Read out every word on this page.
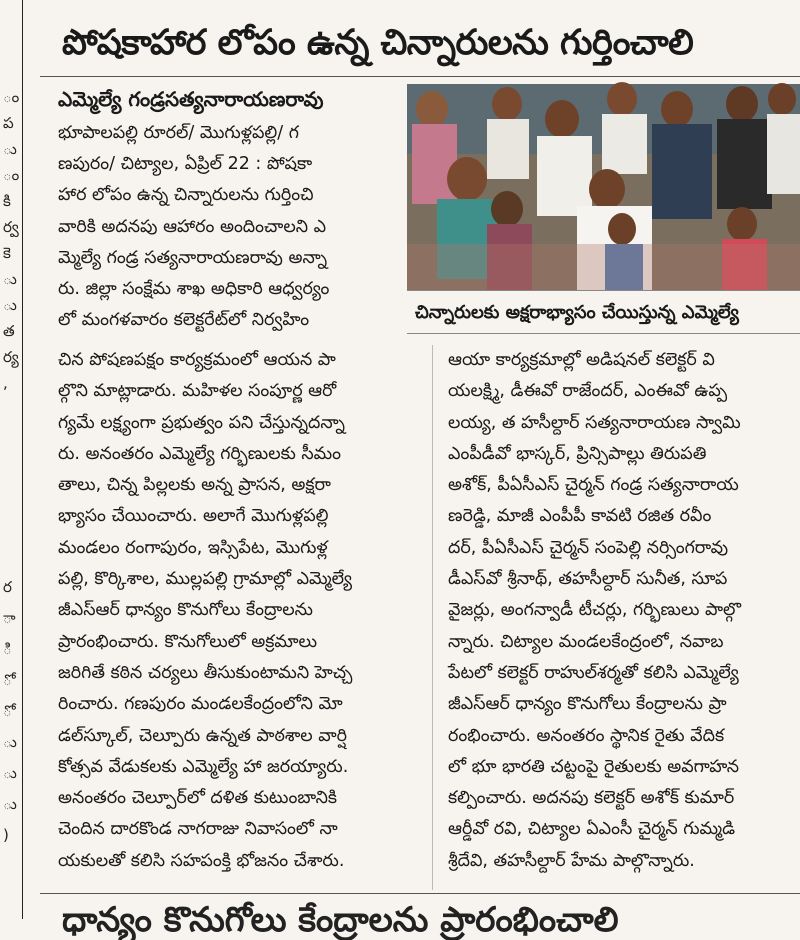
ం
ప
ు
ం
కి
ర్వ
కె
ు
ు
త
ర్య
,
ర
ా
ి
ో
ో
ు
ు
ు
)
పోషకాహార లోపం ఉన్న చిన్నారులను గుర్తించాలి
ఎమ్మెల్యే గండ్రసత్యనారాయణరావు
చిన్నారులకు అక్షరాభ్యాసం చేయిస్తున్న ఎమ్మెల్యే
భూపాలపల్లి రూరల్/ మొగుళ్లపల్లి/ గ
ణపురం/ చిట్యాల, ఏప్రిల్ 22 : పోషకా
హార లోపం ఉన్న చిన్నారులను గుర్తించి
వారికి అదనపు ఆహారం అందించాలని ఎ
మ్మెల్యే గండ్ర సత్యనారాయణరావు అన్నా
రు. జిల్లా సంక్షేమ శాఖ అధికారి ఆధ్వర్యం
లో మంగళవారం కలెక్టరేట్‌లో నిర్వహిం
చిన పోషణపక్షం కార్యక్రమంలో ఆయన పా
ల్గొని మాట్లాడారు. మహిళల సంపూర్ణ ఆరో
గ్యమే లక్ష్యంగా ప్రభుత్వం పని చేస్తున్నదన్నా
రు. అనంతరం ఎమ్మెల్యే గర్భిణులకు సీమం
తాలు, చిన్న పిల్లలకు అన్న ప్రాసన, అక్షరా
భ్యాసం చేయించారు. అలాగే మొగుళ్లపల్లి
మండలం రంగాపురం, ఇస్సిపేట, మొగుళ్ల
పల్లి, కొర్కిశాల, ముల్లపల్లి గ్రామాల్లో ఎమ్మెల్యే
జీఎస్‌ఆర్ ధాన్యం కొనుగోలు కేంద్రాలను
ప్రారంభించారు. కొనుగోలులో అక్రమాలు
జరిగితే కఠిన చర్యలు తీసుకుంటామని హెచ్చ
రించారు. గణపురం మండలకేంద్రంలోని మో
డల్‌స్కూల్, చెల్పూరు ఉన్నత పాఠశాల వార్షి
కోత్సవ వేడుకలకు ఎమ్మెల్యే హా జరయ్యారు.
అనంతరం చెల్పూర్‌లో దళిత కుటుంబానికి
చెందిన దారకొండ నాగరాజు నివాసంలో నా
యకులతో కలిసి సహపంక్తి భోజనం చేశారు.
ఆయా కార్యక్రమాల్లో అడిషనల్ కలెక్టర్ వి
యలక్ష్మి, డీఈవో రాజేందర్, ఎంఈవో ఉప్ప
లయ్య, త హసీల్దార్ సత్యనారాయణ స్వామి
ఎంపీడీవో భాస్కర్, ప్రిన్సిపాల్లు తిరుపతి
అశోక్, పీఏసీఎస్ చైర్మన్ గండ్ర సత్యనారాయ
ణరెడ్డి, మాజీ ఎంపీపీ కావటి రజిత రవీం
దర్, పీఏసీఎస్ చైర్మన్ సంపెల్లి నర్సింగరావు
డీఎస్‌వో శ్రీనాథ్, తహసీల్దార్ సునీత, సూప
వైజర్లు, అంగన్వాడీ టీచర్లు, గర్భిణులు పాల్గొ
న్నారు. చిట్యాల మండలకేంద్రంలో, నవాబ
పేటలో కలెక్టర్ రాహుల్‌శర్మతో కలిసి ఎమ్మెల్యే
జీఎస్‌ఆర్ ధాన్యం కొనుగోలు కేంద్రాలను ప్రా
రంభించారు. అనంతరం స్థానిక రైతు వేదిక
లో భూ భారతి చట్టంపై రైతులకు అవగాహన
కల్పించారు. అదనపు కలెక్టర్ అశోక్ కుమార్
ఆర్డీవో రవి, చిట్యాల ఏఎంసీ చైర్మన్ గుమ్మడి
శ్రీదేవి, తహసీల్దార్ హేమ పాల్గొన్నారు.
ధాన్యం కొనుగోలు కేంద్రాలను ప్రారంభించాలి
